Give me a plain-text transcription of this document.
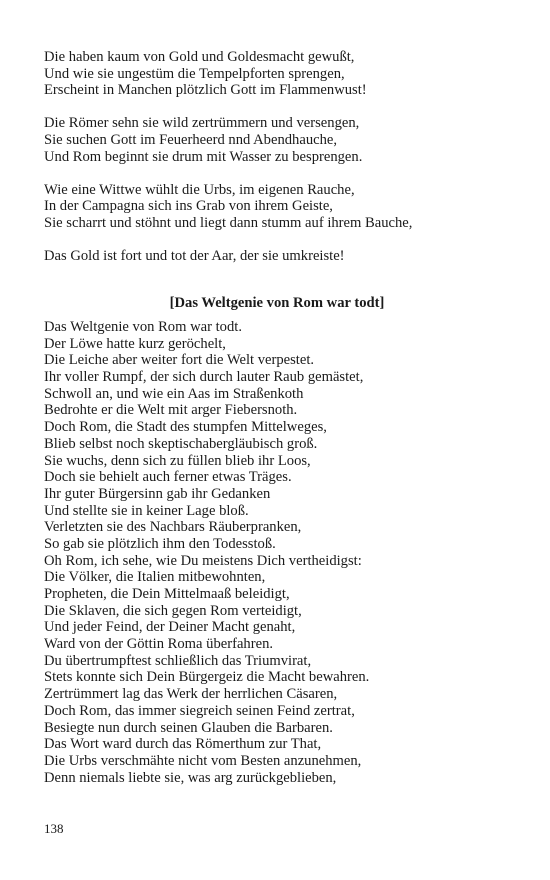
Die haben kaum von Gold und Goldesmacht gewußt,
Und wie sie ungestüm die Tempelpforten sprengen,
Erscheint in Manchen plötzlich Gott im Flammenwust!
Die Römer sehn sie wild zertrümmern und versengen,
Sie suchen Gott im Feuerheerd nnd Abendhauche,
Und Rom beginnt sie drum mit Wasser zu besprengen.
Wie eine Wittwe wühlt die Urbs, im eigenen Rauche,
In der Campagna sich ins Grab von ihrem Geiste,
Sie scharrt und stöhnt und liegt dann stumm auf ihrem Bauche,
Das Gold ist fort und tot der Aar, der sie umkreiste!
[Das Weltgenie von Rom war todt]
Das Weltgenie von Rom war todt.
Der Löwe hatte kurz geröchelt,
Die Leiche aber weiter fort die Welt verpestet.
Ihr voller Rumpf, der sich durch lauter Raub gemästet,
Schwoll an, und wie ein Aas im Straßenkoth
Bedrohte er die Welt mit arger Fiebersnoth.
Doch Rom, die Stadt des stumpfen Mittelweges,
Blieb selbst noch skeptischabergläubisch groß.
Sie wuchs, denn sich zu füllen blieb ihr Loos,
Doch sie behielt auch ferner etwas Träges.
Ihr guter Bürgersinn gab ihr Gedanken
Und stellte sie in keiner Lage bloß.
Verletzten sie des Nachbars Räuberpranken,
So gab sie plötzlich ihm den Todesstoß.
Oh Rom, ich sehe, wie Du meistens Dich vertheidigst:
Die Völker, die Italien mitbewohnten,
Propheten, die Dein Mittelmaaß beleidigt,
Die Sklaven, die sich gegen Rom verteidigt,
Und jeder Feind, der Deiner Macht genaht,
Ward von der Göttin Roma überfahren.
Du übertrumpftest schließlich das Triumvirat,
Stets konnte sich Dein Bürgergeiz die Macht bewahren.
Zertrümmert lag das Werk der herrlichen Cäsaren,
Doch Rom, das immer siegreich seinen Feind zertrat,
Besiegte nun durch seinen Glauben die Barbaren.
Das Wort ward durch das Römerthum zur That,
Die Urbs verschmähte nicht vom Besten anzunehmen,
Denn niemals liebte sie, was arg zurückgeblieben,
138
